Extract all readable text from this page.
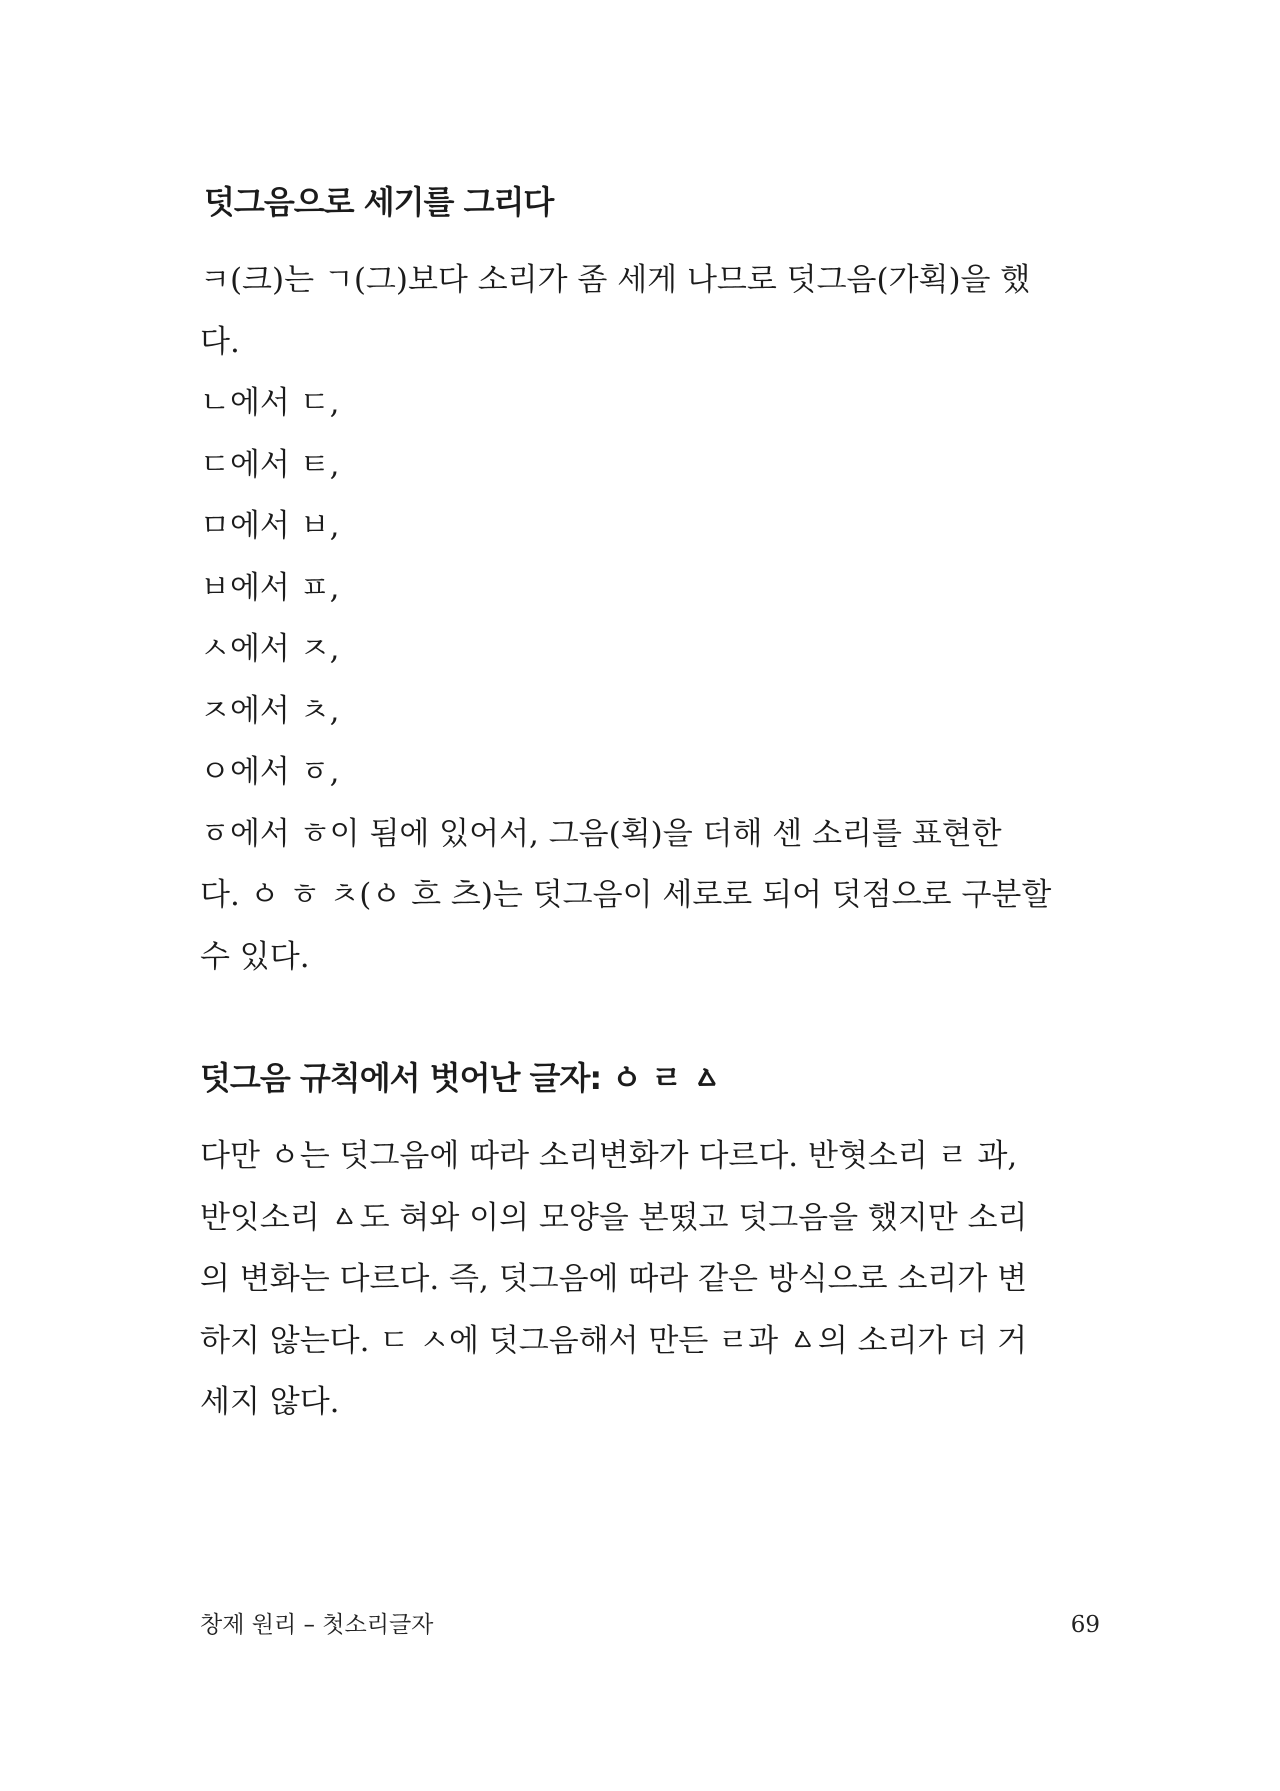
덧그음으로 세기를 그리다
ㅋ(크)는 ㄱ(그)보다 소리가 좀 세게 나므로 덧그음(가획)을 했
다.
ㄴ에서 ㄷ,
ㄷ에서 ㅌ,
ㅁ에서 ㅂ,
ㅂ에서 ㅍ,
ㅅ에서 ㅈ,
ㅈ에서 ㅊ,
ㅇ에서 ㆆ,
ㆆ에서 ㅎ이 됨에 있어서, 그음(획)을 더해 센 소리를 표현한
다. ㆁ ㅎ ㅊ(ㆁ 흐 츠)는 덧그음이 세로로 되어 덧점으로 구분할
수 있다.
덧그음 규칙에서 벗어난 글자: ㆁ ㄹ ㅿ
다만 ㆁ는 덧그음에 따라 소리변화가 다르다. 반혓소리 ㄹ 과,
반잇소리 ㅿ도 혀와 이의 모양을 본떴고 덧그음을 했지만 소리
의 변화는 다르다. 즉, 덧그음에 따라 같은 방식으로 소리가 변
하지 않는다. ㄷ ㅅ에 덧그음해서 만든 ㄹ과 ㅿ의 소리가 더 거
세지 않다.
창제 원리 – 첫소리글자	69
